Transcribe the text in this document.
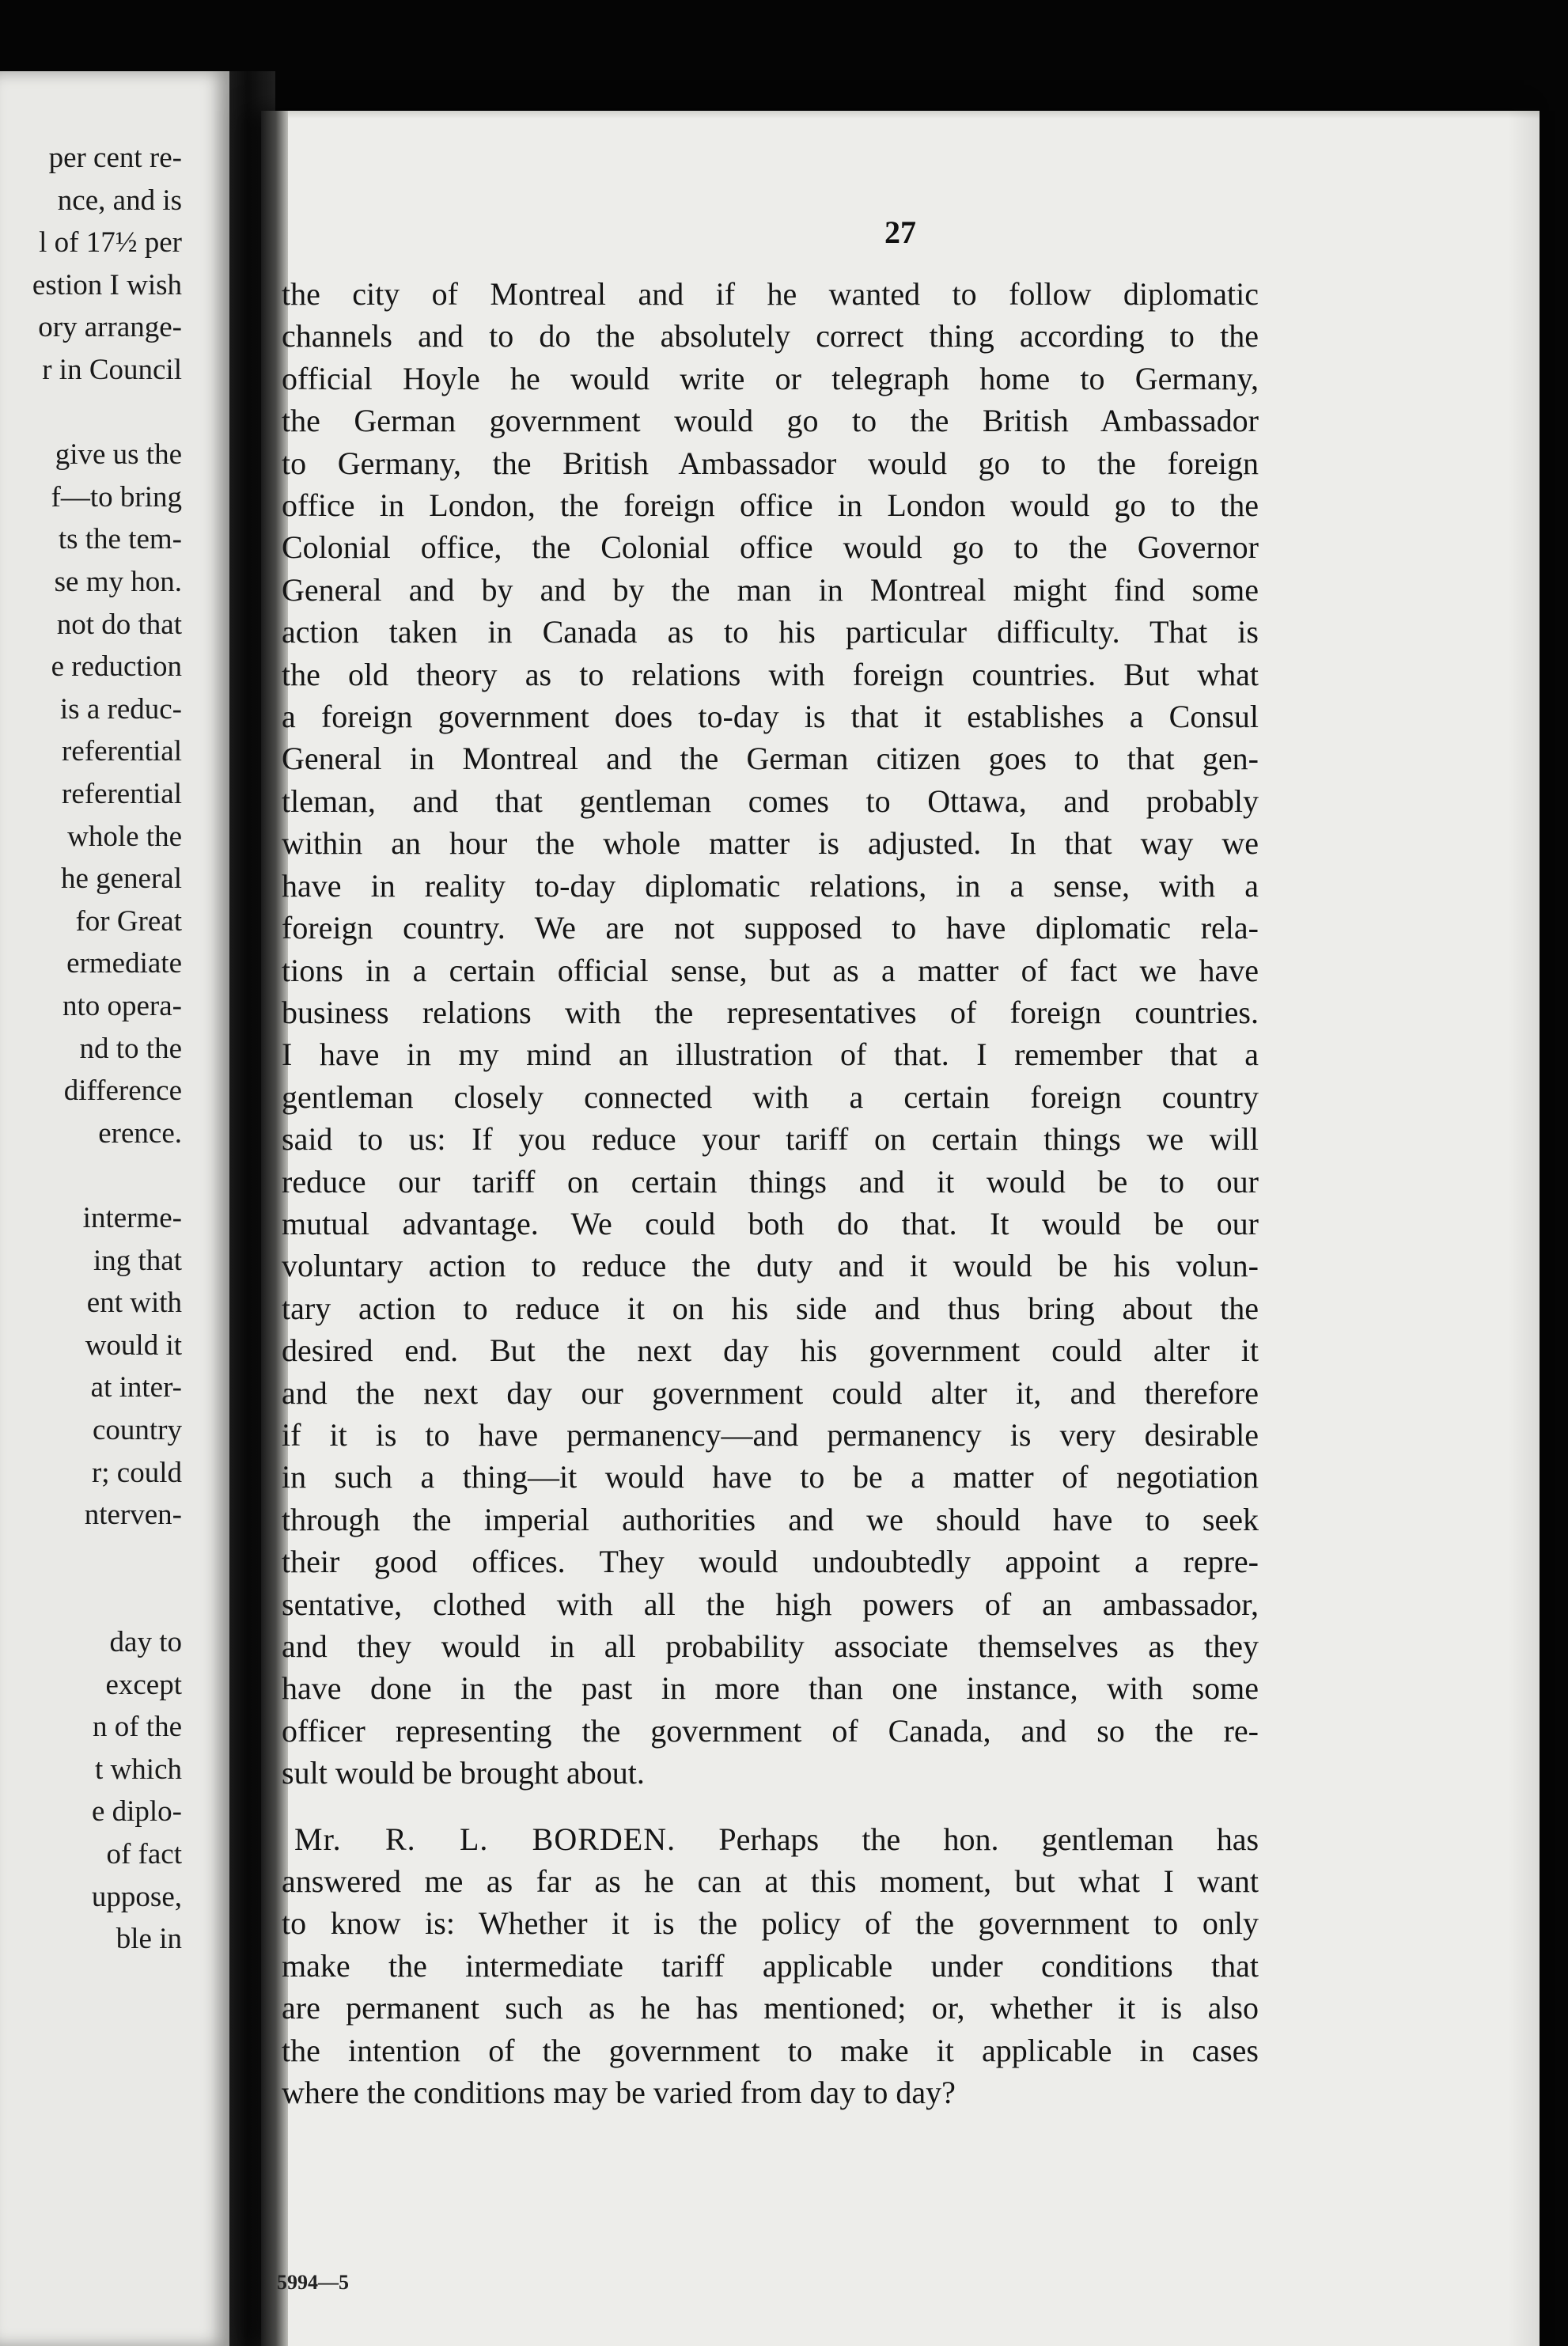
per cent re-
nce, and is
l of 17½ per
estion I wish
ory arrange-
r in Council
give us the
f—to bring
ts the tem-
se my hon.
not do that
e reduction
is a reduc-
referential
referential
whole the
he general
for Great
ermediate
nto opera-
nd to the
difference
erence.
interme-
ing that
ent with
would it
at inter-
country
r; could
nterven-
day to
except
n of the
t which
e diplo-
of fact
uppose,
ble in
27
the city of Montreal and if he wanted to follow diplomatic
channels and to do the absolutely correct thing according to the
official Hoyle he would write or telegraph home to Germany,
the German government would go to the British Ambassador
to Germany, the British Ambassador would go to the foreign
office in London, the foreign office in London would go to the
Colonial office, the Colonial office would go to the Governor
General and by and by the man in Montreal might find some
action taken in Canada as to his particular difficulty. That is
the old theory as to relations with foreign countries. But what
a foreign government does to-day is that it establishes a Consul
General in Montreal and the German citizen goes to that gen-
tleman, and that gentleman comes to Ottawa, and probably
within an hour the whole matter is adjusted. In that way we
have in reality to-day diplomatic relations, in a sense, with a
foreign country. We are not supposed to have diplomatic rela-
tions in a certain official sense, but as a matter of fact we have
business relations with the representatives of foreign countries.
I have in my mind an illustration of that. I remember that a
gentleman closely connected with a certain foreign country
said to us: If you reduce your tariff on certain things we will
reduce our tariff on certain things and it would be to our
mutual advantage. We could both do that. It would be our
voluntary action to reduce the duty and it would be his volun-
tary action to reduce it on his side and thus bring about the
desired end. But the next day his government could alter it
and the next day our government could alter it, and therefore
if it is to have permanency—and permanency is very desirable
in such a thing—it would have to be a matter of negotiation
through the imperial authorities and we should have to seek
their good offices. They would undoubtedly appoint a repre-
sentative, clothed with all the high powers of an ambassador,
and they would in all probability associate themselves as they
have done in the past in more than one instance, with some
officer representing the government of Canada, and so the re-
sult would be brought about.
Mr. R. L. BORDEN. Perhaps the hon. gentleman has
answered me as far as he can at this moment, but what I want
to know is: Whether it is the policy of the government to only
make the intermediate tariff applicable under conditions that
are permanent such as he has mentioned; or, whether it is also
the intention of the government to make it applicable in cases
where the conditions may be varied from day to day?
5994—5
